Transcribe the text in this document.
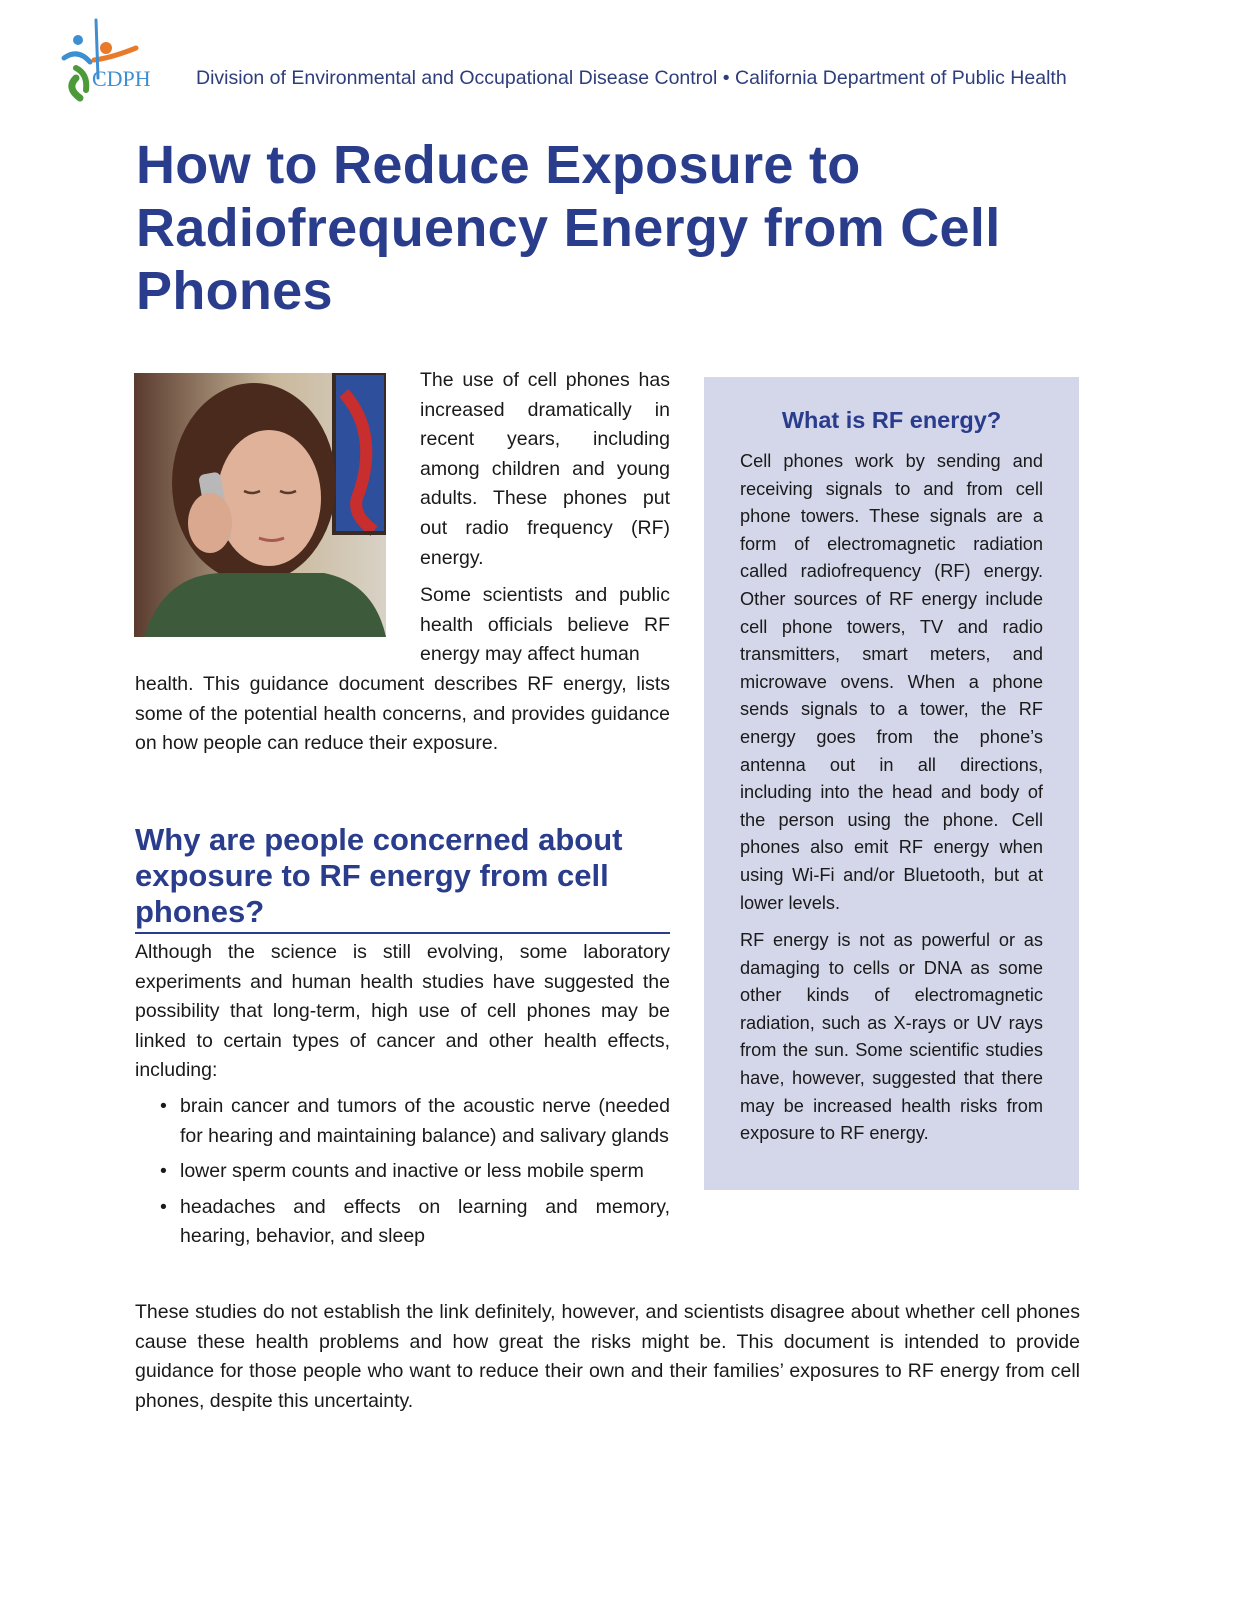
CDPH Division of Environmental and Occupational Disease Control • California Department of Public Health
How to Reduce Exposure to Radiofrequency Energy from Cell Phones

The use of cell phones has increased dramatically in recent years, including among children and young adults. These phones put out radio frequency (RF) energy.

Some scientists and public health officials believe RF energy may affect human

health. This guidance document describes RF energy, lists some of the potential health concerns, and provides guidance on how people can reduce their exposure.

Why are people concerned about exposure to RF energy from cell phones?

Although the science is still evolving, some laboratory experiments and human health studies have suggested the possibility that long-term, high use of cell phones may be linked to certain types of cancer and other health effects, including:

• brain cancer and tumors of the acoustic nerve (needed for hearing and maintaining balance) and salivary glands
• lower sperm counts and inactive or less mobile sperm
• headaches and effects on learning and memory, hearing, behavior, and sleep

These studies do not establish the link definitely, however, and scientists disagree about whether cell phones cause these health problems and how great the risks might be. This document is intended to provide guidance for those people who want to reduce their own and their families’ exposures to RF energy from cell phones, despite this uncertainty.

What is RF energy?

Cell phones work by sending and receiving signals to and from cell phone towers. These signals are a form of electromagnetic radiation called radiofrequency (RF) energy. Other sources of RF energy include cell phone towers, TV and radio transmitters, smart meters, and microwave ovens. When a phone sends signals to a tower, the RF energy goes from the phone’s antenna out in all directions, including into the head and body of the person using the phone. Cell phones also emit RF energy when using Wi-Fi and/or Bluetooth, but at lower levels.

RF energy is not as powerful or as damaging to cells or DNA as some other kinds of electromagnetic radiation, such as X-rays or UV rays from the sun. Some scientific studies have, however, suggested that there may be increased health risks from exposure to RF energy.
